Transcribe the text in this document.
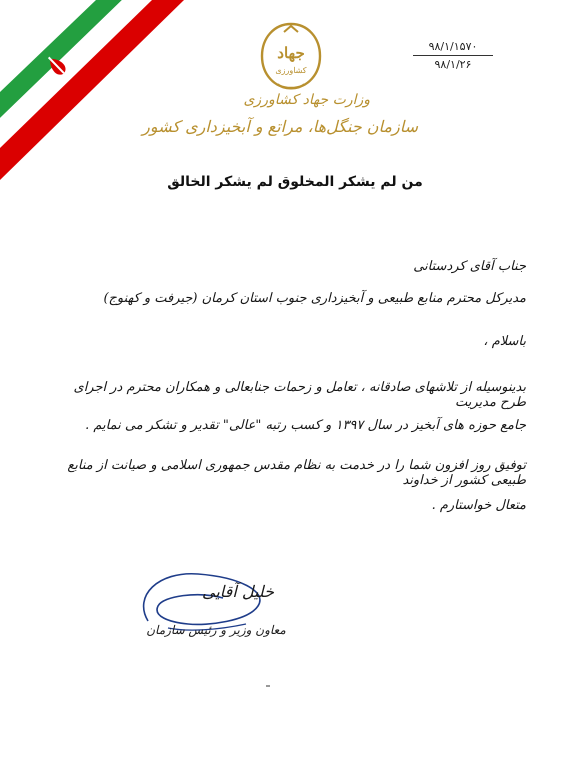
جهاد
کشاورزی
وزارت جهاد کشاورزی
سازمان جنگل‌ها، مراتع و آبخیزداری کشور
۹۸/۱/۱۵۷۰
۹۸/۱/۲۶
من لم يشكر المخلوق لم يشكر الخالق
جناب آقای کردستانی
مدیرکل محترم منابع طبیعی و آبخیزداری جنوب استان کرمان (جیرفت و کهنوج)
باسلام ،
بدینوسیله از تلاشهای صادقانه ، تعامل و زحمات جنابعالی و همکاران محترم در اجرای طرح مدیریت
جامع حوزه های آبخیز در سال ۱۳۹۷ و کسب رتبه "عالی" تقدیر و تشکر می نمایم .
توفیق روز افزون شما را در خدمت به نظام مقدس جمهوری اسلامی و صیانت از منابع طبیعی کشور از خداوند
متعال خواستارم .
خلیل آقایی
معاون وزیر و رئیس سازمان
